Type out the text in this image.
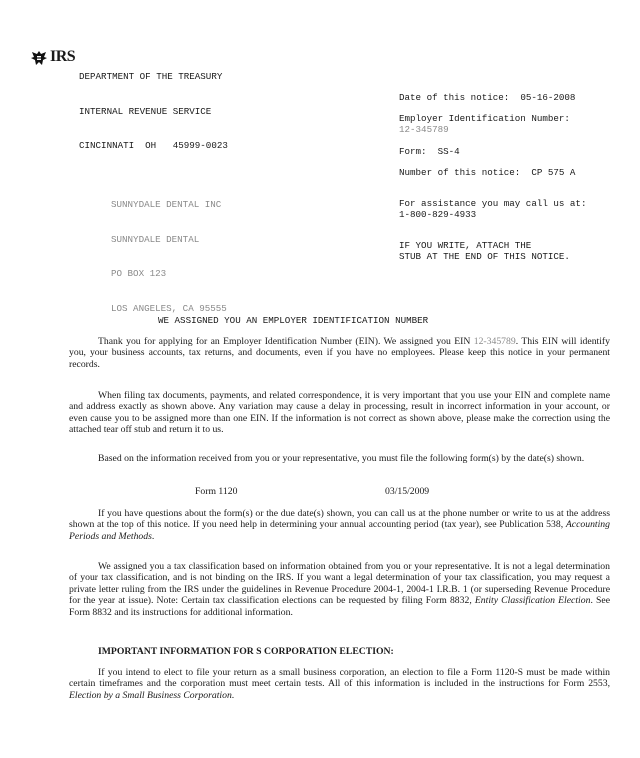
IRS

DEPARTMENT OF THE TREASURY

INTERNAL REVENUE SERVICE

CINCINNATI  OH   45999-0023

Date of this notice: 05-16-2008
Employer Identification Number:
12-345789
Form: SS-4
Number of this notice: CP 575 A
For assistance you may call us at:
1-800-829-4933
IF YOU WRITE, ATTACH THE
STUB AT THE END OF THIS NOTICE.

SUNNYDALE DENTAL INC

SUNNYDALE DENTAL

PO BOX 123

LOS ANGELES, CA 95555

WE ASSIGNED YOU AN EMPLOYER IDENTIFICATION NUMBER

Thank you for applying for an Employer Identification Number (EIN). We assigned you EIN 12-345789. This EIN will identify you, your business accounts, tax returns, and documents, even if you have no employees. Please keep this notice in your permanent records.

When filing tax documents, payments, and related correspondence, it is very important that you use your EIN and complete name and address exactly as shown above. Any variation may cause a delay in processing, result in incorrect information in your account, or even cause you to be assigned more than one EIN. If the information is not correct as shown above, please make the correction using the attached tear off stub and return it to us.

Based on the information received from you or your representative, you must file the following form(s) by the date(s) shown.

Form 1120	03/15/2009

If you have questions about the form(s) or the due date(s) shown, you can call us at the phone number or write to us at the address shown at the top of this notice. If you need help in determining your annual accounting period (tax year), see Publication 538, Accounting Periods and Methods.

We assigned you a tax classification based on information obtained from you or your representative. It is not a legal determination of your tax classification, and is not binding on the IRS. If you want a legal determination of your tax classification, you may request a private letter ruling from the IRS under the guidelines in Revenue Procedure 2004-1, 2004-1 I.R.B. 1 (or superseding Revenue Procedure for the year at issue). Note: Certain tax classification elections can be requested by filing Form 8832, Entity Classification Election. See Form 8832 and its instructions for additional information.

IMPORTANT INFORMATION FOR S CORPORATION ELECTION:

If you intend to elect to file your return as a small business corporation, an election to file a Form 1120-S must be made within certain timeframes and the corporation must meet certain tests. All of this information is included in the instructions for Form 2553, Election by a Small Business Corporation.
